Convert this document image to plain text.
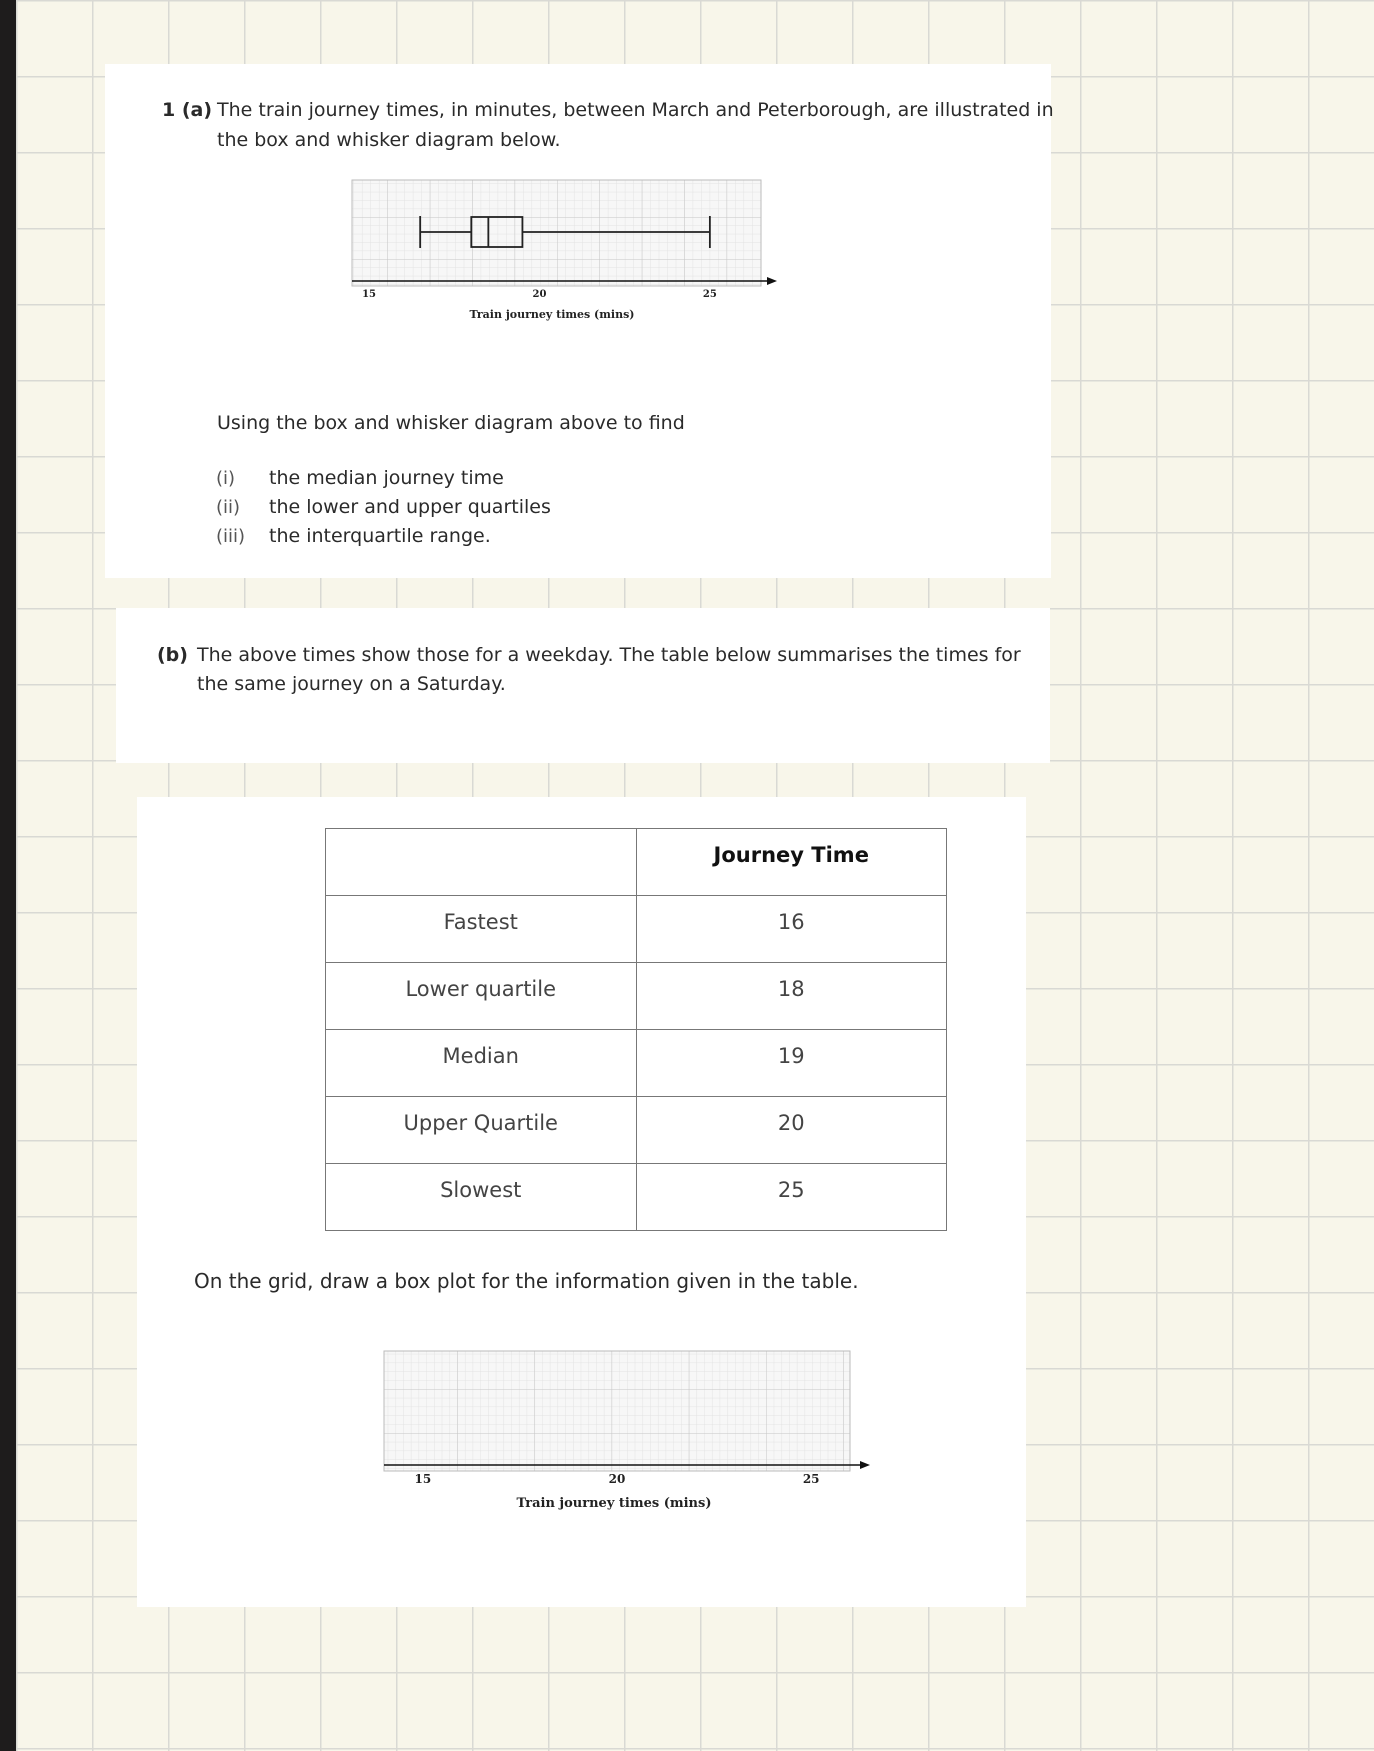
1 (a) The train journey times, in minutes, between March and Peterborough, are illustrated in
the box and whisker diagram below.
15	20	25
Train journey times (mins)
Using the box and whisker diagram above to find
(i) the median journey time
(ii) the lower and upper quartiles
(iii) the interquartile range.
(b) The above times show those for a weekday. The table below summarises the times for
the same journey on a Saturday.
	Journey Time
Fastest	16
Lower quartile	18
Median	19
Upper Quartile	20
Slowest	25
On the grid, draw a box plot for the information given in the table.
15	20	25
Train journey times (mins)
